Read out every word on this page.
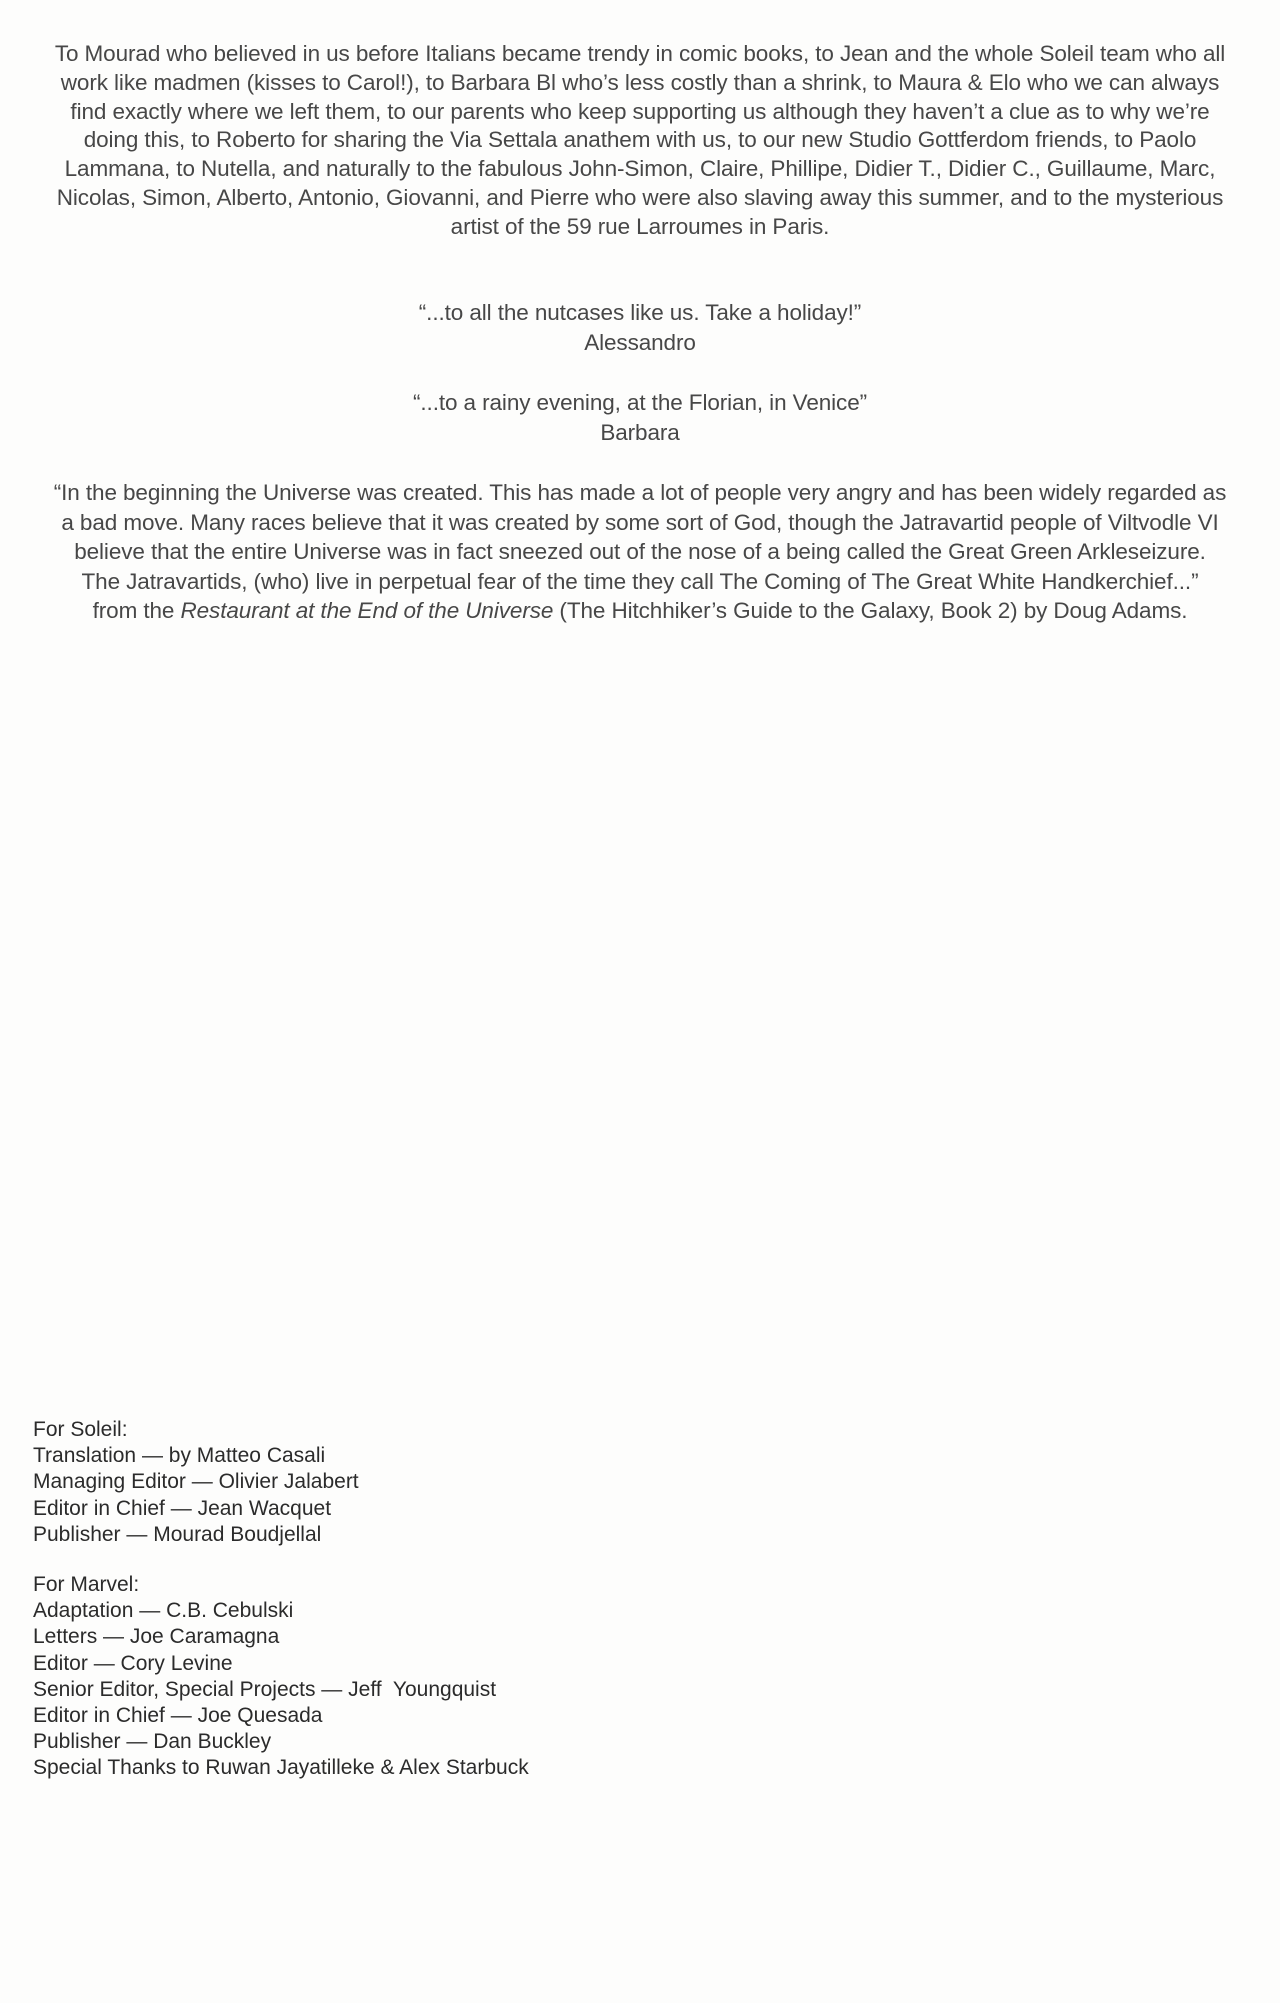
To Mourad who believed in us before Italians became trendy in comic books, to Jean and the whole Soleil team who all
work like madmen (kisses to Carol!), to Barbara Bl who’s less costly than a shrink, to Maura & Elo who we can always
find exactly where we left them, to our parents who keep supporting us although they haven’t a clue as to why we’re
doing this, to Roberto for sharing the Via Settala anathem with us, to our new Studio Gottferdom friends, to Paolo
Lammana, to Nutella, and naturally to the fabulous John-Simon, Claire, Phillipe, Didier T., Didier C., Guillaume, Marc,
Nicolas, Simon, Alberto, Antonio, Giovanni, and Pierre who were also slaving away this summer, and to the mysterious
artist of the 59 rue Larroumes in Paris.
“...to all the nutcases like us. Take a holiday!”
Alessandro
“...to a rainy evening, at the Florian, in Venice”
Barbara
“In the beginning the Universe was created. This has made a lot of people very angry and has been widely regarded as
a bad move. Many races believe that it was created by some sort of God, though the Jatravartid people of Viltvodle VI
believe that the entire Universe was in fact sneezed out of the nose of a being called the Great Green Arkleseizure.
The Jatravartids, (who) live in perpetual fear of the time they call The Coming of The Great White Handkerchief...”
from the Restaurant at the End of the Universe (The Hitchhiker’s Guide to the Galaxy, Book 2) by Doug Adams.
For Soleil:
Translation — by Matteo Casali
Managing Editor — Olivier Jalabert
Editor in Chief — Jean Wacquet
Publisher — Mourad Boudjellal
For Marvel:
Adaptation — C.B. Cebulski
Letters — Joe Caramagna
Editor — Cory Levine
Senior Editor, Special Projects — Jeff  Youngquist
Editor in Chief — Joe Quesada
Publisher — Dan Buckley
Special Thanks to Ruwan Jayatilleke & Alex Starbuck
